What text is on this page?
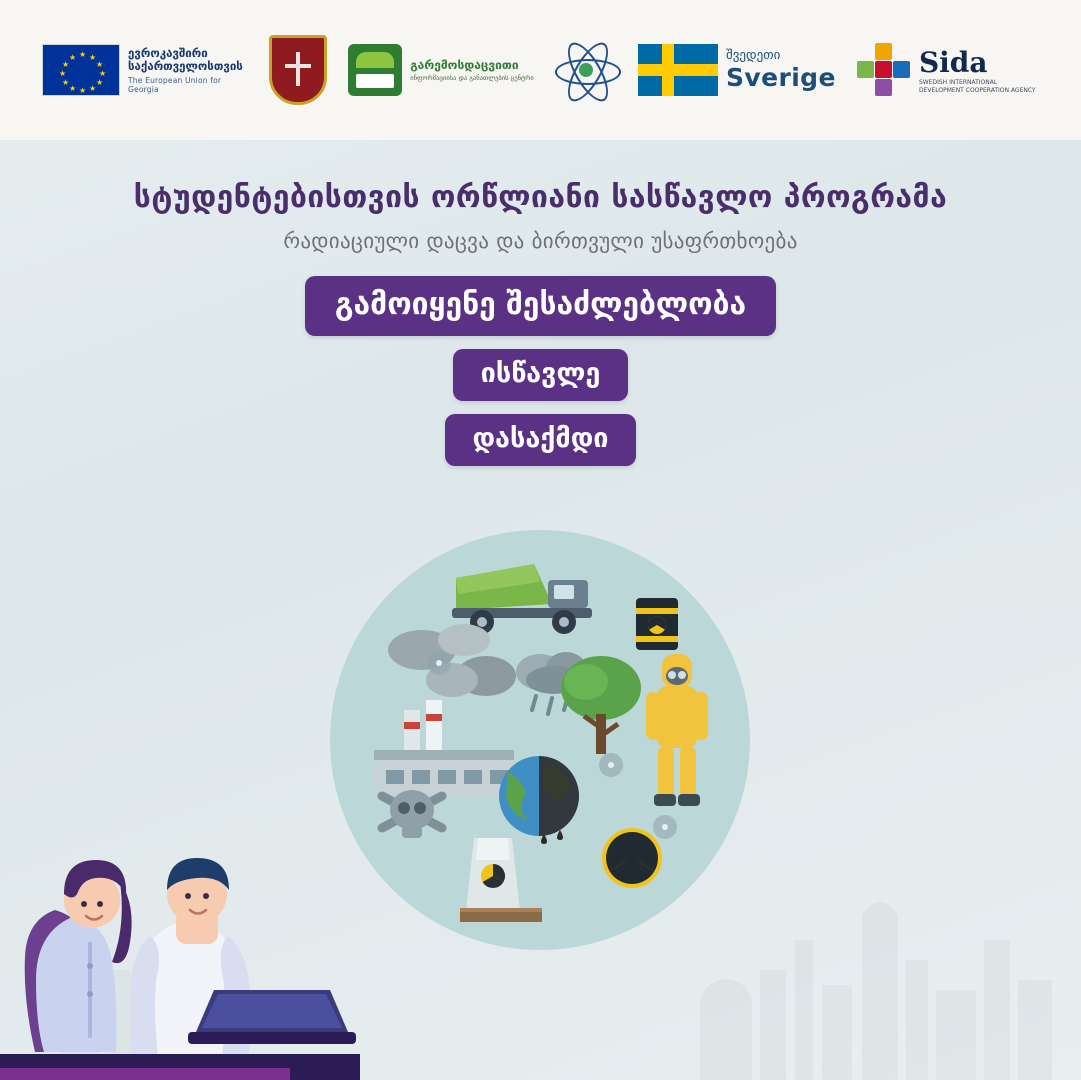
★ ★
★
★
★
★
★
★
★
★
★
★	ევროკავშირი საქართველოსთვის
The European Union for Georgia
გარემოსდაცვითი
ინფორმაციისა და განათლების ცენტრი
შვედეთი
Sverige	Sida
SWEDISH INTERNATIONAL DEVELOPMENT COOPERATION AGENCY
სტუდენტებისთვის ორწლიანი სასწავლო პროგრამა
რადიაციული დაცვა და ბირთვული უსაფრთხოება
გამოიყენე შესაძლებლობა
ისწავლე
დასაქმდი
